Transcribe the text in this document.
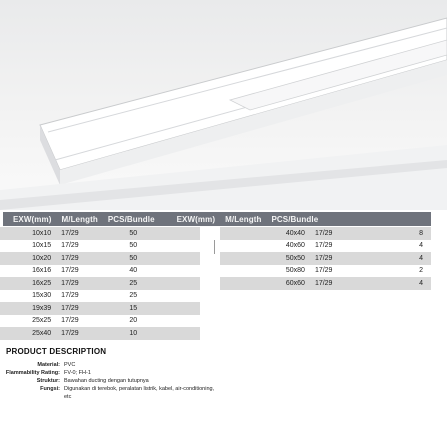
EXW(mm)	M/Length	PCS/Bundle	EXW(mm)	M/Length	PCS/Bundle
10x10	17/29	50
10x15	17/29	50
10x20	17/29	50
16x16	17/29	40
16x25	17/29	25
15x30	17/29	25
19x39	17/29	15
25x25	17/29	20
25x40	17/29	10
40x40	17/29	8
40x60	17/29	4
50x50	17/29	4
50x80	17/29	2
60x60	17/29	4
PRODUCT DESCRIPTION
Material: PVC
Flammability Rating: FV-0; FH-1
Struktur: Bawahan ducting dengan tutupnya
Fungsi: Digunakan di terebok, peralatan listrik, kabel, air-conditioning,
etc
